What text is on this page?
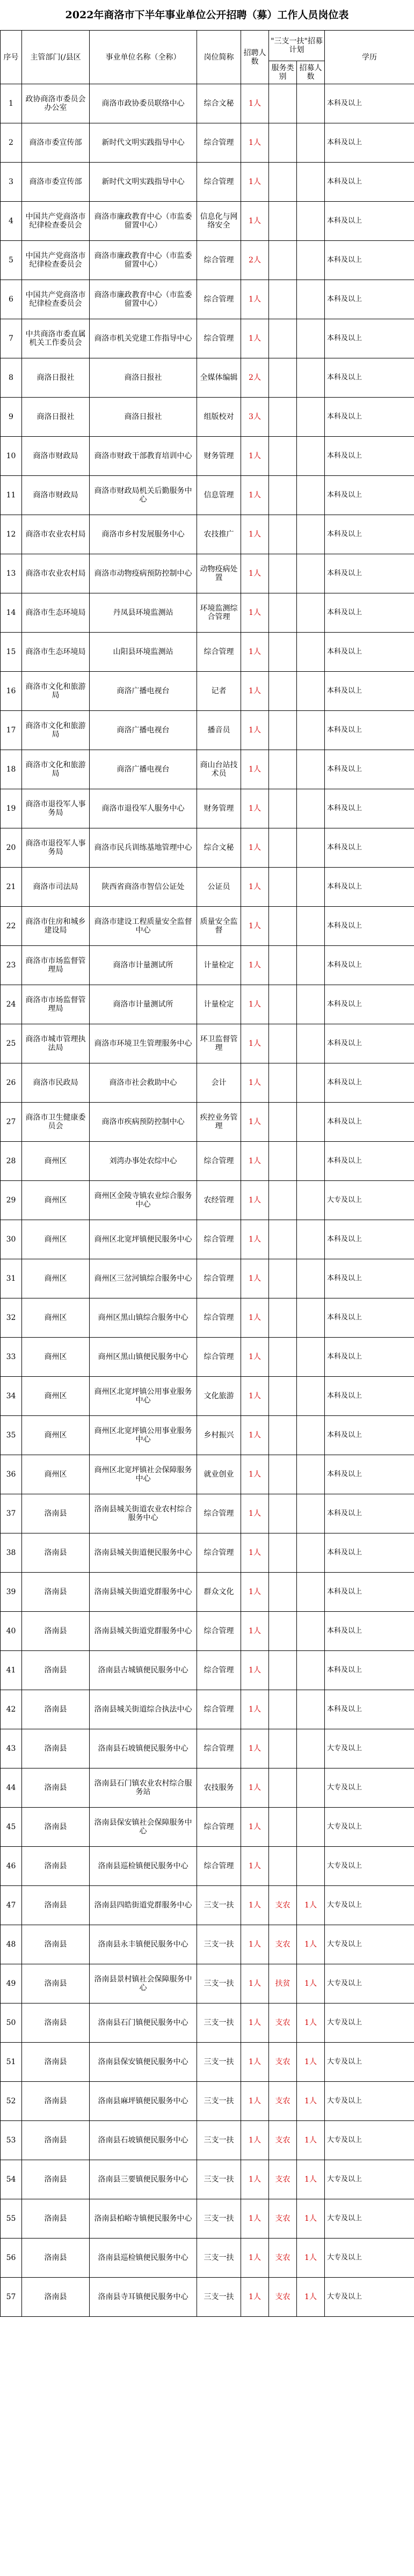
2022年商洛市下半年事业单位公开招聘（募）工作人员岗位表
序号	主管部门(/县区	事业单位名称（全称）	岗位简称	招聘人数	"三支一扶"招募计划		学历
					服务类别	招募人数	
1	政协商洛市委员会办公室	商洛市政协委员联络中心	综合文秘	1人			本科及以上
2	商洛市委宣传部	新时代文明实践指导中心	综合管理	1人			本科及以上
3	商洛市委宣传部	新时代文明实践指导中心	综合管理	1人			本科及以上
4	中国共产党商洛市纪律检查委员会	商洛市廉政教育中心（市监委留置中心）	信息化与网络安全	1人			本科及以上
5	中国共产党商洛市纪律检查委员会	商洛市廉政教育中心（市监委留置中心）	综合管理	2人			本科及以上
6	中国共产党商洛市纪律检查委员会	商洛市廉政教育中心（市监委留置中心）	综合管理	1人			本科及以上
7	中共商洛市委直属机关工作委员会	商洛市机关党建工作指导中心	综合管理	1人			本科及以上
8	商洛日报社	商洛日报社	全媒体编辑	2人			本科及以上
9	商洛日报社	商洛日报社	组版校对	3人			本科及以上
10	商洛市财政局	商洛市财政干部教育培训中心	财务管理	1人			本科及以上
11	商洛市财政局	商洛市财政局机关后勤服务中心	信息管理	1人			本科及以上
12	商洛市农业农村局	商洛市乡村发展服务中心	农技推广	1人			本科及以上
13	商洛市农业农村局	商洛市动物疫病预防控制中心	动物疫病处置	1人			本科及以上
14	商洛市生态环境局	丹凤县环境监测站	环境监测综合管理	1人			本科及以上
15	商洛市生态环境局	山阳县环境监测站	综合管理	1人			本科及以上
16	商洛市文化和旅游局	商洛广播电视台	记者	1人			本科及以上
17	商洛市文化和旅游局	商洛广播电视台	播音员	1人			本科及以上
18	商洛市文化和旅游局	商洛广播电视台	商山台站技术员	1人			本科及以上
19	商洛市退役军人事务局	商洛市退役军人服务中心	财务管理	1人			本科及以上
20	商洛市退役军人事务局	商洛市民兵训练基地管理中心	综合文秘	1人			本科及以上
21	商洛市司法局	陕西省商洛市智信公证处	公证员	1人			本科及以上
22	商洛市住房和城乡建设局	商洛市建设工程质量安全监督中心	质量安全监督	1人			本科及以上
23	商洛市市场监督管理局	商洛市计量测试所	计量检定	1人			本科及以上
24	商洛市市场监督管理局	商洛市计量测试所	计量检定	1人			本科及以上
25	商洛市城市管理执法局	商洛市环境卫生管理服务中心	环卫监督管理	1人			本科及以上
26	商洛市民政局	商洛市社会救助中心	会计	1人			本科及以上
27	商洛市卫生健康委员会	商洛市疾病预防控制中心	疾控业务管理	1人			本科及以上
28	商州区	刘湾办事处农综中心	综合管理	1人			本科及以上
29	商州区	商州区金陵寺镇农业综合服务中心	农经管理	1人			大专及以上
30	商州区	商州区北宽坪镇便民服务中心	综合管理	1人			本科及以上
31	商州区	商州区三岔河镇综合服务中心	综合管理	1人			本科及以上
32	商州区	商州区黑山镇综合服务中心	综合管理	1人			本科及以上
33	商州区	商州区黑山镇便民服务中心	综合管理	1人			本科及以上
34	商州区	商州区北宽坪镇公用事业服务中心	文化旅游	1人			本科及以上
35	商州区	商州区北宽坪镇公用事业服务中心	乡村振兴	1人			本科及以上
36	商州区	商州区北宽坪镇社会保障服务中心	就业创业	1人			本科及以上
37	洛南县	洛南县城关街道农业农村综合服务中心	综合管理	1人			本科及以上
38	洛南县	洛南县城关街道便民服务中心	综合管理	1人			本科及以上
39	洛南县	洛南县城关街道党群服务中心	群众文化	1人			本科及以上
40	洛南县	洛南县城关街道党群服务中心	综合管理	1人			本科及以上
41	洛南县	洛南县古城镇便民服务中心	综合管理	1人			本科及以上
42	洛南县	洛南县城关街道综合执法中心	综合管理	1人			本科及以上
43	洛南县	洛南县石坡镇便民服务中心	综合管理	1人			大专及以上
44	洛南县	洛南县石门镇农业农村综合服务站	农技服务	1人			大专及以上
45	洛南县	洛南县保安镇社会保障服务中心	综合管理	1人			大专及以上
46	洛南县	洛南县巡检镇便民服务中心	综合管理	1人			大专及以上
47	洛南县	洛南县四皓街道党群服务中心	三支一扶	1人	支农	1人	大专及以上
48	洛南县	洛南县永丰镇便民服务中心	三支一扶	1人	支农	1人	大专及以上
49	洛南县	洛南县景村镇社会保障服务中心	三支一扶	1人	扶贫	1人	大专及以上
50	洛南县	洛南县石门镇便民服务中心	三支一扶	1人	支农	1人	大专及以上
51	洛南县	洛南县保安镇便民服务中心	三支一扶	1人	支农	1人	大专及以上
52	洛南县	洛南县麻坪镇便民服务中心	三支一扶	1人	支农	1人	大专及以上
53	洛南县	洛南县石坡镇便民服务中心	三支一扶	1人	支农	1人	大专及以上
54	洛南县	洛南县三要镇便民服务中心	三支一扶	1人	支农	1人	大专及以上
55	洛南县	洛南县柏峪寺镇便民服务中心	三支一扶	1人	支农	1人	大专及以上
56	洛南县	洛南县巡检镇便民服务中心	三支一扶	1人	支农	1人	大专及以上
57	洛南县	洛南县寺耳镇便民服务中心	三支一扶	1人	支农	1人	大专及以上
